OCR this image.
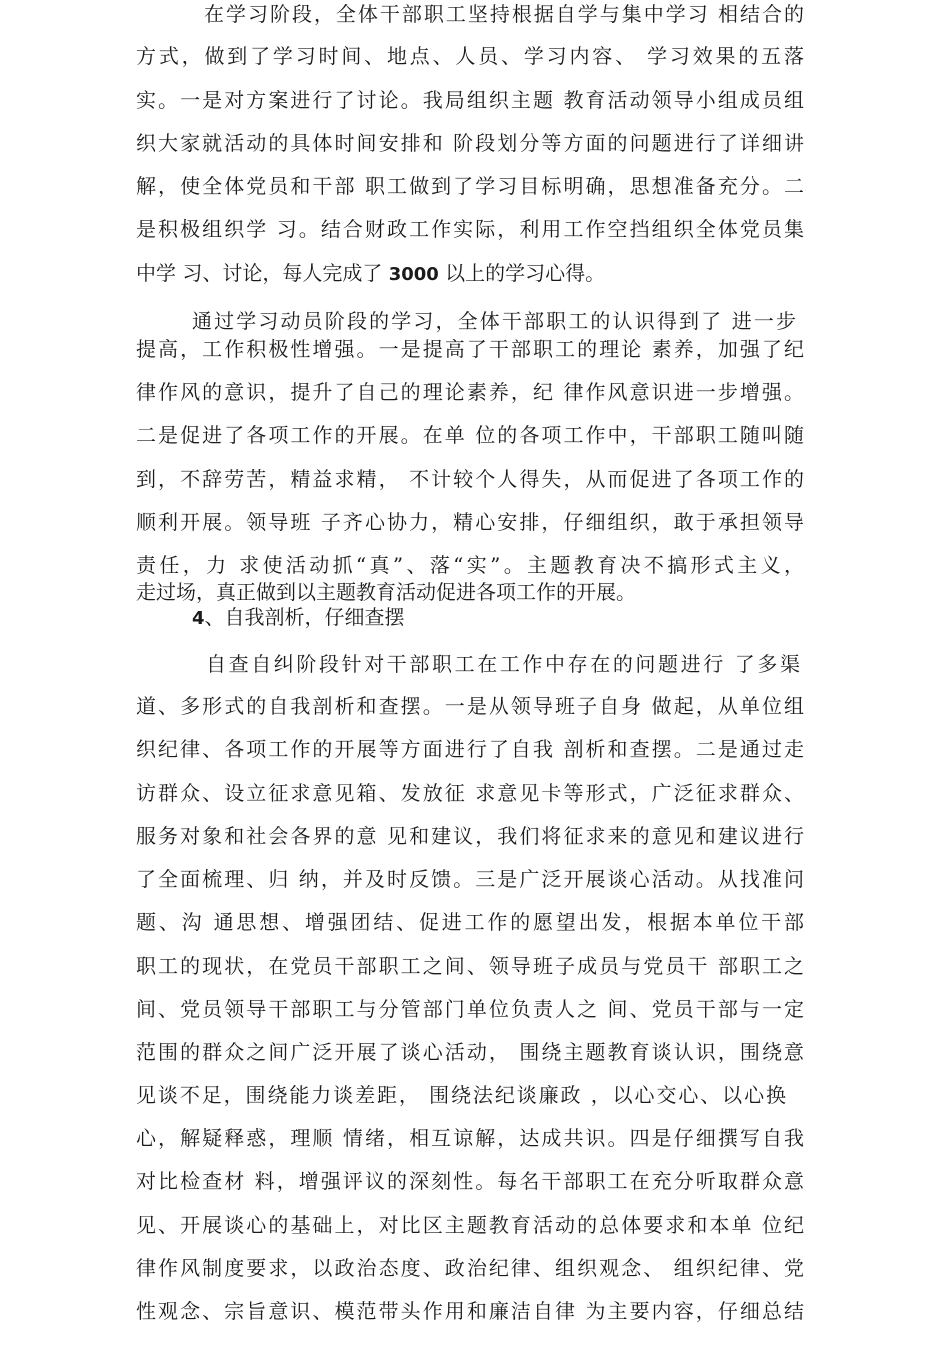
在学习阶段，全体干部职工坚持根据自学与集中学习 相结合的
方式，做到了学习时间、地点、人员、学习内容、 学习效果的五落
实。一是对方案进行了讨论。我局组织主题 教育活动领导小组成员组
织大家就活动的具体时间安排和 阶段划分等方面的问题进行了详细讲
解，使全体党员和干部 职工做到了学习目标明确，思想准备充分。二
是积极组织学 习。结合财政工作实际，利用工作空挡组织全体党员集
中学 习、讨论，每人完成了 3000 以上的学习心得。
通过学习动员阶段的学习，全体干部职工的认识得到了 进一步
提高，工作积极性增强。一是提高了干部职工的理论 素养，加强了纪
律作风的意识，提升了自己的理论素养，纪 律作风意识进一步增强。
二是促进了各项工作的开展。在单 位的各项工作中，干部职工随叫随
到，不辞劳苦，精益求精， 不计较个人得失，从而促进了各项工作的
顺利开展。领导班 子齐心协力，精心安排，仔细组织，敢于承担领导
责任，力 求使活动抓“真”、落“实”。主题教育决不搞形式主义，
走过场，真正做到以主题教育活动促进各项工作的开展。
4、自我剖析，仔细查摆
自查自纠阶段针对干部职工在工作中存在的问题进行 了多渠
道、多形式的自我剖析和查摆。一是从领导班子自身 做起，从单位组
织纪律、各项工作的开展等方面进行了自我 剖析和查摆。二是通过走
访群众、设立征求意见箱、发放征 求意见卡等形式，广泛征求群众、
服务对象和社会各界的意 见和建议，我们将征求来的意见和建议进行
了全面梳理、归 纳，并及时反馈。三是广泛开展谈心活动。从找准问
题、沟 通思想、增强团结、促进工作的愿望出发，根据本单位干部
职工的现状，在党员干部职工之间、领导班子成员与党员干 部职工之
间、党员领导干部职工与分管部门单位负责人之 间、党员干部与一定
范围的群众之间广泛开展了谈心活动， 围绕主题教育谈认识，围绕意
见谈不足，围绕能力谈差距， 围绕法纪谈廉政 ，以心交心、以心换
心，解疑释惑，理顺 情绪，相互谅解，达成共识。四是仔细撰写自我
对比检查材 料，增强评议的深刻性。每名干部职工在充分听取群众意
见、开展谈心的基础上，对比区主题教育活动的总体要求和本单 位纪
律作风制度要求，以政治态度、政治纪律、组织观念、 组织纪律、党
性观念、宗旨意识、模范带头作用和廉洁自律 为主要内容，仔细总结
